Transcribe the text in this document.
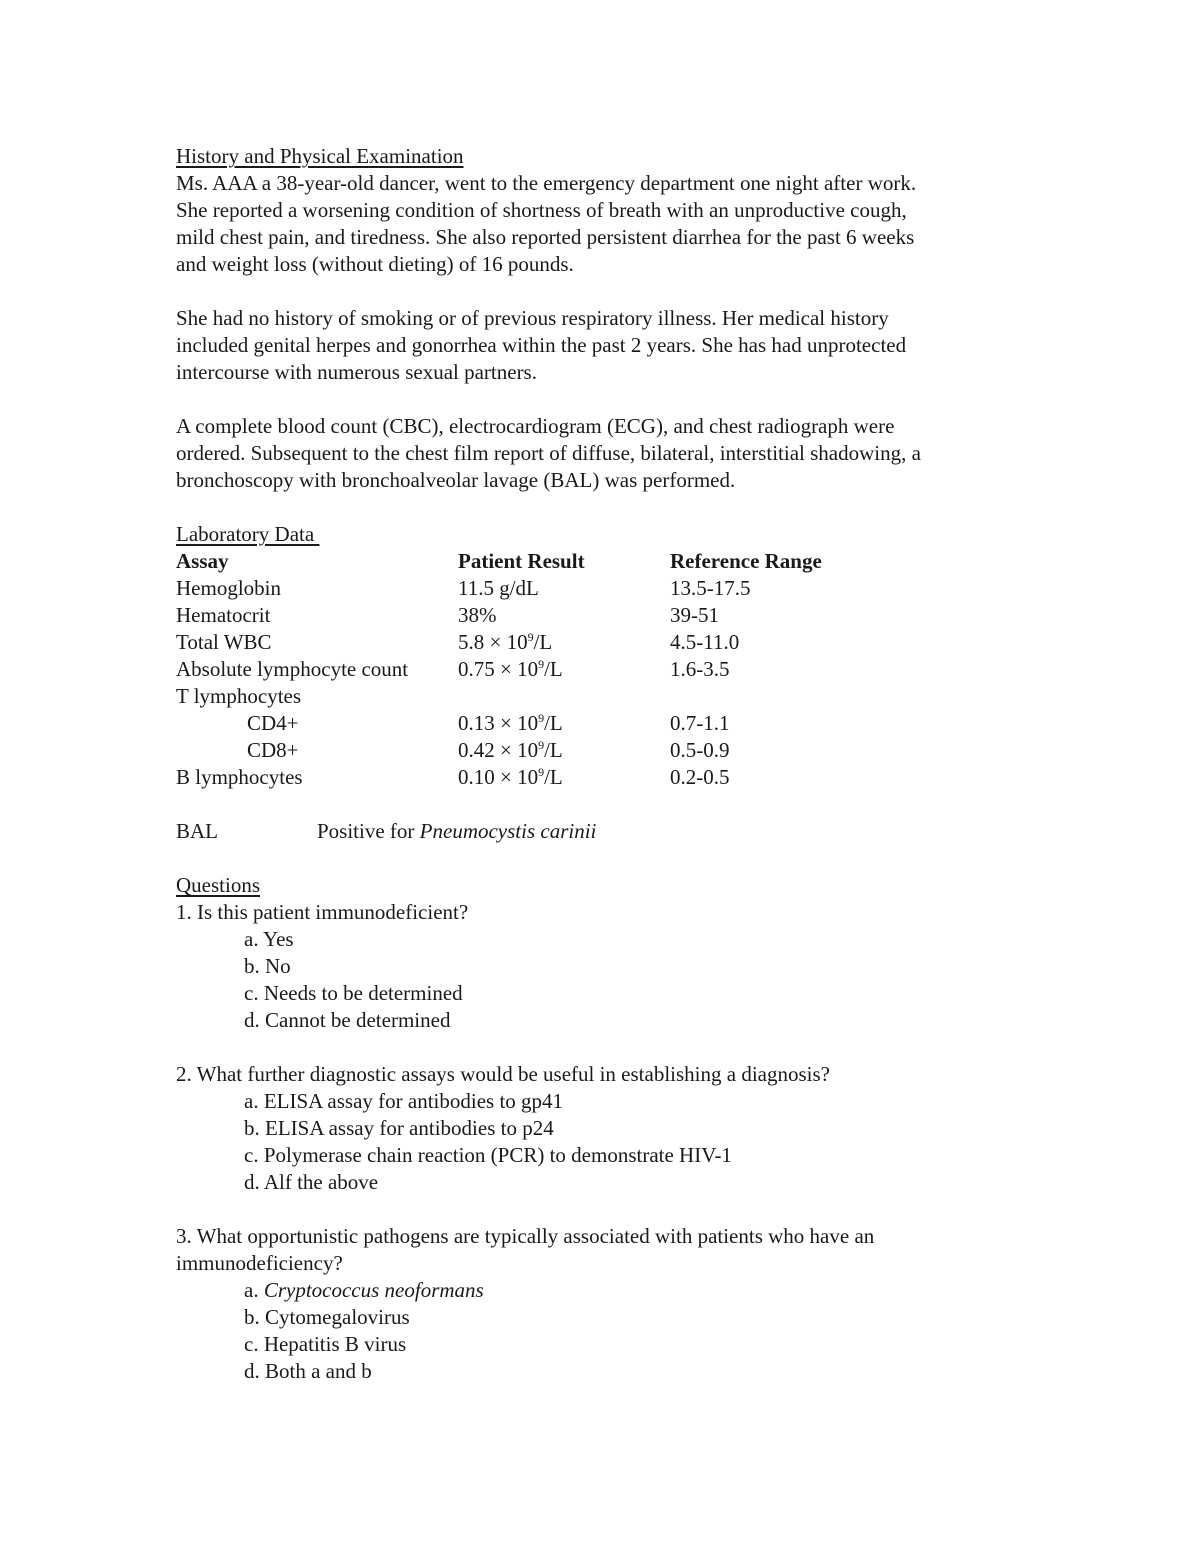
History and Physical Examination
Ms. AAA a 38-year-old dancer, went to the emergency department one night after work.
She reported a worsening condition of shortness of breath with an unproductive cough,
mild chest pain, and tiredness. She also reported persistent diarrhea for the past 6 weeks
and weight loss (without dieting) of 16 pounds.
She had no history of smoking or of previous respiratory illness. Her medical history
included genital herpes and gonorrhea within the past 2 years. She has had unprotected
intercourse with numerous sexual partners.
A complete blood count (CBC), electrocardiogram (ECG), and chest radiograph were
ordered. Subsequent to the chest film report of diffuse, bilateral, interstitial shadowing, a
bronchoscopy with bronchoalveolar lavage (BAL) was performed.
Laboratory Data
Assay	Patient Result	Reference Range
Hemoglobin	11.5 g/dL	13.5-17.5
Hematocrit	38%	39-51
Total WBC	$5.8 \times 10^9/L$	4.5-11.0
Absolute lymphocyte count	$0.75 \times 10^9/L$	1.6-3.5
T lymphocytes
CD4+	$0.13 \times 10^9/L$	0.7-1.1
CD8+	$0.42 \times 10^9/L$	0.5-0.9
B lymphocytes	$0.10 \times 10^9/L$	0.2-0.5
BAL	Positive for Pneumocystis carinii
Questions
1. Is this patient immunodeficient?
a. Yes
b. No
c. Needs to be determined
d. Cannot be determined
2. What further diagnostic assays would be useful in establishing a diagnosis?
a. ELISA assay for antibodies to gp41
b. ELISA assay for antibodies to p24
c. Polymerase chain reaction (PCR) to demonstrate HIV-1
d. Alf the above
3. What opportunistic pathogens are typically associated with patients who have an
immunodeficiency?
a. Cryptococcus neoformans
b. Cytomegalovirus
c. Hepatitis B virus
d. Both a and b
